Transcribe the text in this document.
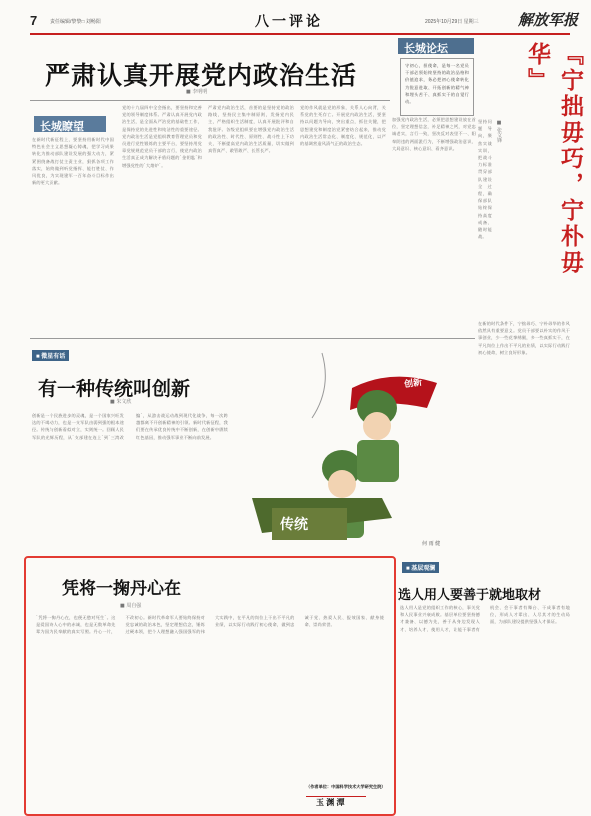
7	责任编辑/黎黎□ 刘畅阳	八一评论	2025年10月29日 星期三	解放军报
严肃认真开展党内政治生活
■ 李明明
长城瞭望
在新时代新征程上，要坚持用新时代中国特色社会主义思想凝心铸魂，把学习成果转化为推动部队建设发展的强大动力，紧紧围绕备战打仗主责主业，狠抓各项工作落实，始终做到听党指挥、能打胜仗、作风优良，为实现建军一百年奋斗目标作出新的更大贡献。
党的十九届四中全会指出，要坚持和完善党的领导制度体系。严肃认真开展党内政治生活，是全面从严治党的基础性工作，是保持党的先进性和纯洁性的重要途径。党内政治生活是党组织教育管理党员和党员进行党性锻炼的主要平台，要坚持用党章党规规范党员干部的言行，使党内政治生活真正成为解决矛盾问题的`金钥匙`和增强党性的`大熔炉`。
严肃党内政治生活，首要的是坚持党的政治路线，坚持民主集中制原则，发扬党内民主，严格组织生活制度，认真开展批评和自我批评。各级党组织要在增强党内政治生活的政治性、时代性、原则性、战斗性上下功夫，不断提高党内政治生活质量，切实做到真管真严、敢管敢严、长管长严。
党的作风就是党的形象，关系人心向背，关系党的生死存亡。开展党内政治生活，要坚持以问题为导向，突出重点，抓住关键，把思想建党和制度治党紧密结合起来，推动党内政治生活常态化、制度化、规范化，以严的基调营造风清气正的政治生态。
加强党内政治生活，必须把思想建设放在首位，坚定理想信念，补足精神之钙，对党忠诚老实，言行一致，坚决反对表里不一、阳奉阴违的两面派行为，不断增强政治意识、大局意识、核心意识、看齐意识。
长城论坛
守初心，担使命，是每一名党员干部必须始终坚持的政治品格和价值追求，务必把初心使命转化为锐意进取、开拓创新的精气神和埋头苦干、真抓实干的自觉行动。	『宁拙毋巧，宁朴毋华』
■ 张文锋
坚持问题导向，聚焦实战实训，把战斗力标准贯穿部队建设全过程，确保部队始终保持高度戒备、随时能战。
在新的时代条件下，宁拙毋巧、宁朴毋华的作风依然具有重要意义。党员干部要以朴实的作风干事创业，少一些花拳绣腿，多一些真抓实干，在平凡岗位上作出不平凡的业绩，以实际行动践行初心使命，树立良好形象。
■ 微星有话
有一种传统叫创新
■ 朱文欣
创新是一个民族进步的灵魂，是一个国家兴旺发达的不竭动力，也是一支军队由弱到强的根本途径。传统与创新看似对立，实则统一。回顾人民军队的光辉历程，从`支部建在连上`到`三湾改编`，从游击战运动战到现代化战争，每一次跨越都离不开创新精神的引领。新时代新征程，我们要在传承优良传统中不断创新，在创新中赓续红色基因，推动强军事业不断向前发展。
创新
传统
何 雨 健
■ 基层观澜
选人用人要善于就地取材
选人用人是党的组织工作的核心，事关党和人民事业兴衰成败。基层单位要坚持德才兼备、以德为先，善于从身边发现人才、培养人才、使用人才，让能干事者有机会、会干事者有舞台、干成事者有地位，形成人才辈出、人尽其才的生动局面，为部队建设提供坚强人才保证。
凭将一掬丹心在
■ 周自强
`凭将一掬丹心在，也便无愁对死生`。这是爱国诗人心中的赤诚，也是无数革命先辈为国为民奉献的真实写照。丹心一片，不改初心。新时代革命军人要始终保持对党忠诚的政治本色，坚定理想信念，锤炼过硬本领，把个人理想融入强国强军的伟大实践中，在平凡的岗位上干出不平凡的业绩，以实际行动践行初心使命，做到忠诚于党、热爱人民、报效国家、献身使命、崇尚荣誉。
（作者单位：中国科学技术大学研究生院）
玉 渊 潭
